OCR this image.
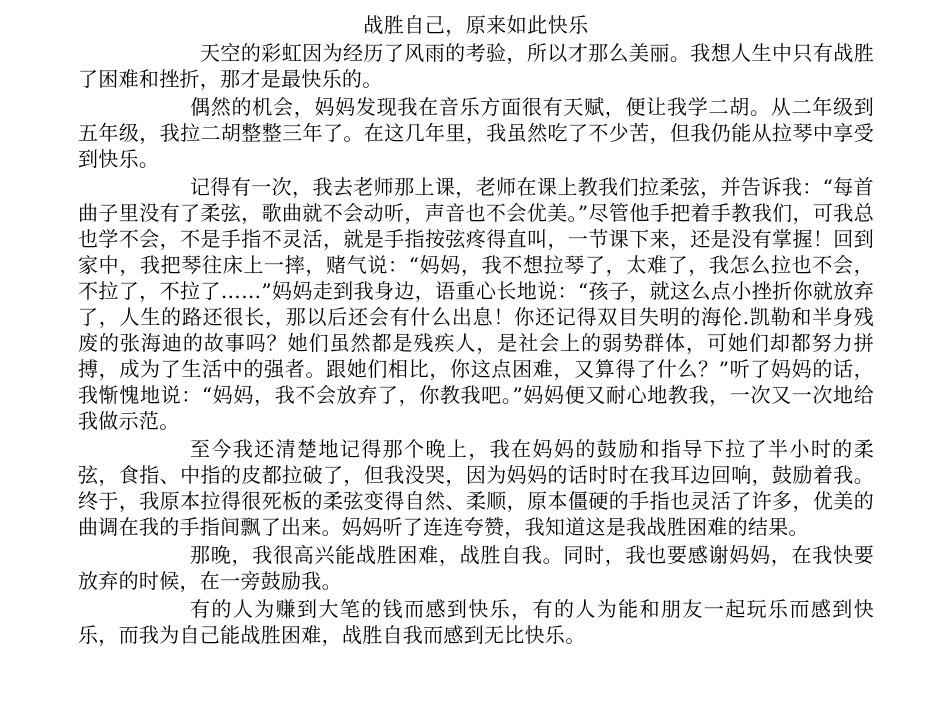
战胜自己，原来如此快乐

天空的彩虹因为经历了风雨的考验，所以才那么美丽。我想人生中只有战胜了困难和挫折，那才是最快乐的。

偶然的机会，妈妈发现我在音乐方面很有天赋，便让我学二胡。从二年级到五年级，我拉二胡整整三年了。在这几年里，我虽然吃了不少苦，但我仍能从拉琴中享受到快乐。

记得有一次，我去老师那上课，老师在课上教我们拉柔弦，并告诉我：“每首曲子里没有了柔弦，歌曲就不会动听，声音也不会优美。”尽管他手把着手教我们，可我总也学不会，不是手指不灵活，就是手指按弦疼得直叫，一节课下来，还是没有掌握！回到家中，我把琴往床上一摔，赌气说：“妈妈，我不想拉琴了，太难了，我怎么拉也不会，不拉了，不拉了……”妈妈走到我身边，语重心长地说：“孩子，就这么点小挫折你就放弃了，人生的路还很长，那以后还会有什么出息！你还记得双目失明的海伦.凯勒和半身残废的张海迪的故事吗？她们虽然都是残疾人，是社会上的弱势群体，可她们却都努力拼搏，成为了生活中的强者。跟她们相比，你这点困难，又算得了什么？”听了妈妈的话，我惭愧地说：“妈妈，我不会放弃了，你教我吧。”妈妈便又耐心地教我，一次又一次地给我做示范。

至今我还清楚地记得那个晚上，我在妈妈的鼓励和指导下拉了半小时的柔弦，食指、中指的皮都拉破了，但我没哭，因为妈妈的话时时在我耳边回响，鼓励着我。终于，我原本拉得很死板的柔弦变得自然、柔顺，原本僵硬的手指也灵活了许多，优美的曲调在我的手指间飘了出来。妈妈听了连连夸赞，我知道这是我战胜困难的结果。

那晚，我很高兴能战胜困难，战胜自我。同时，我也要感谢妈妈，在我快要放弃的时候，在一旁鼓励我。

有的人为赚到大笔的钱而感到快乐，有的人为能和朋友一起玩乐而感到快乐，而我为自己能战胜困难，战胜自我而感到无比快乐。
